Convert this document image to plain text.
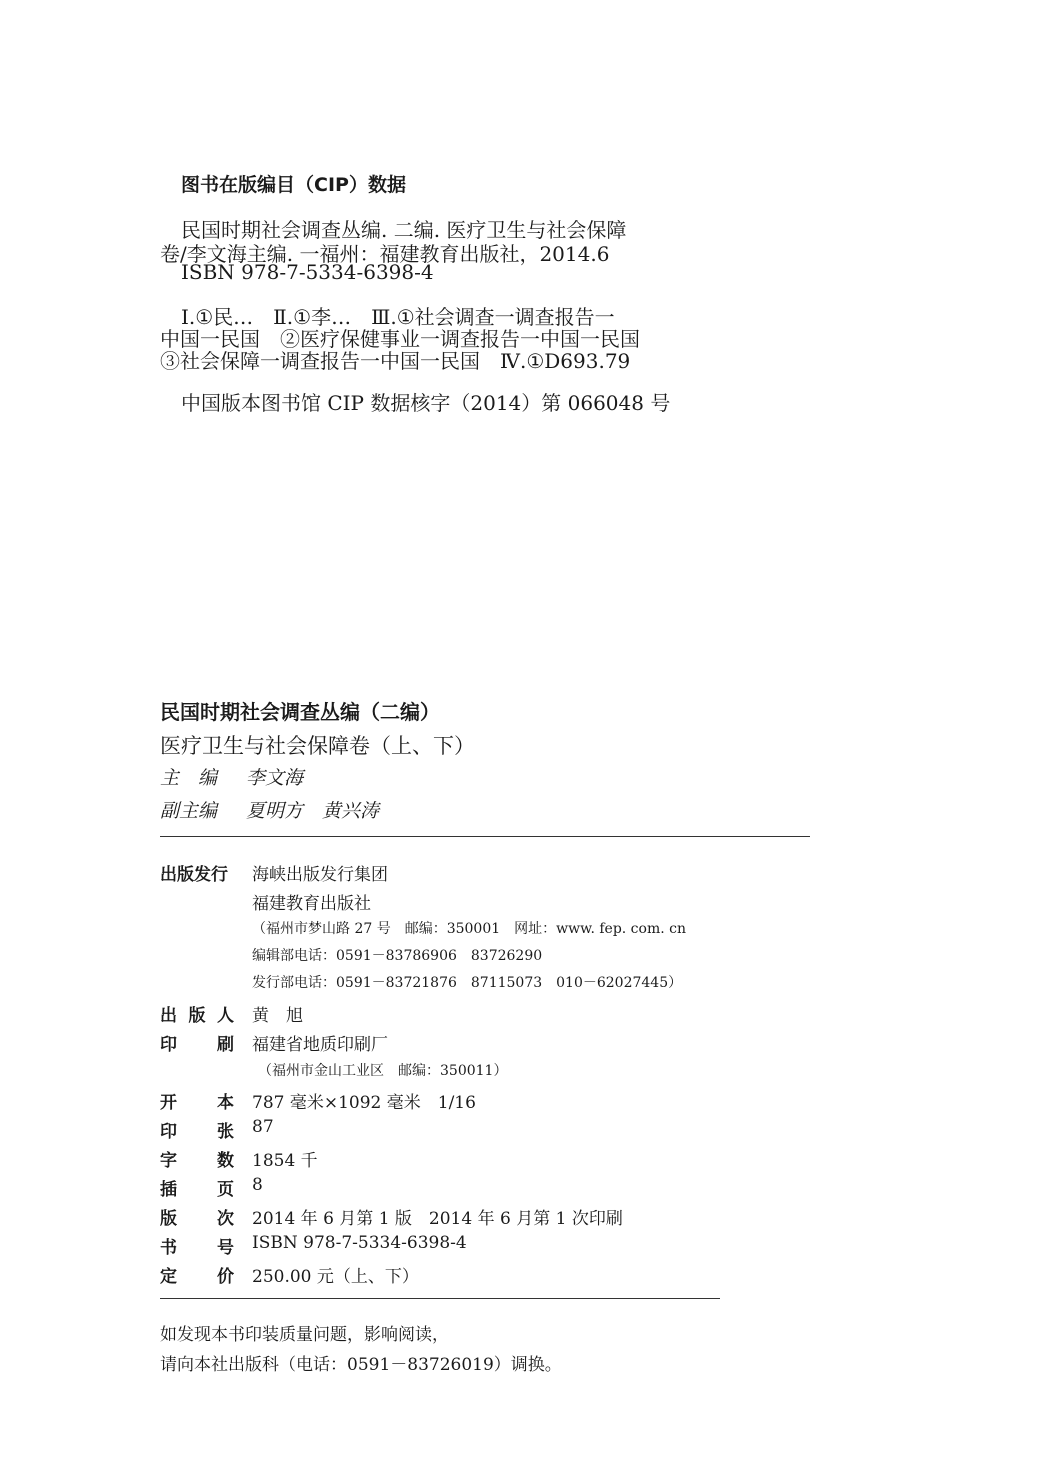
图书在版编目（CIP）数据
民国时期社会调查丛编. 二编. 医疗卫生与社会保障
卷/李文海主编. 一福州：福建教育出版社，2014.6
ISBN 978-7-5334-6398-4
Ⅰ.①民…　Ⅱ.①李…　Ⅲ.①社会调查一调查报告一
中国一民国　②医疗保健事业一调查报告一中国一民国
③社会保障一调查报告一中国一民国　Ⅳ.①D693.79
中国版本图书馆 CIP 数据核字（2014）第 066048 号
民国时期社会调查丛编（二编）
医疗卫生与社会保障卷（上、下）
主　编 李文海
副主编 夏明方　黄兴涛
出版发行	海峡出版发行集团
福建教育出版社
（福州市梦山路 27 号　邮编：350001　网址：www. fep. com. cn
编辑部电话：0591－83786906　83726290
发行部电话：0591－83721876　87115073　010－62027445）
出 版 人 黄　旭
印 刷 福建省地质印刷厂
（福州市金山工业区　邮编：350011）
开 本 787 毫米×1092 毫米　1/16
印 张 87
字 数 1854 千
插 页 8
版 次 2014 年 6 月第 1 版　2014 年 6 月第 1 次印刷
书 号 ISBN 978-7-5334-6398-4
定 价 250.00 元（上、下）
如发现本书印装质量问题，影响阅读，
请向本社出版科（电话：0591－83726019）调换。
